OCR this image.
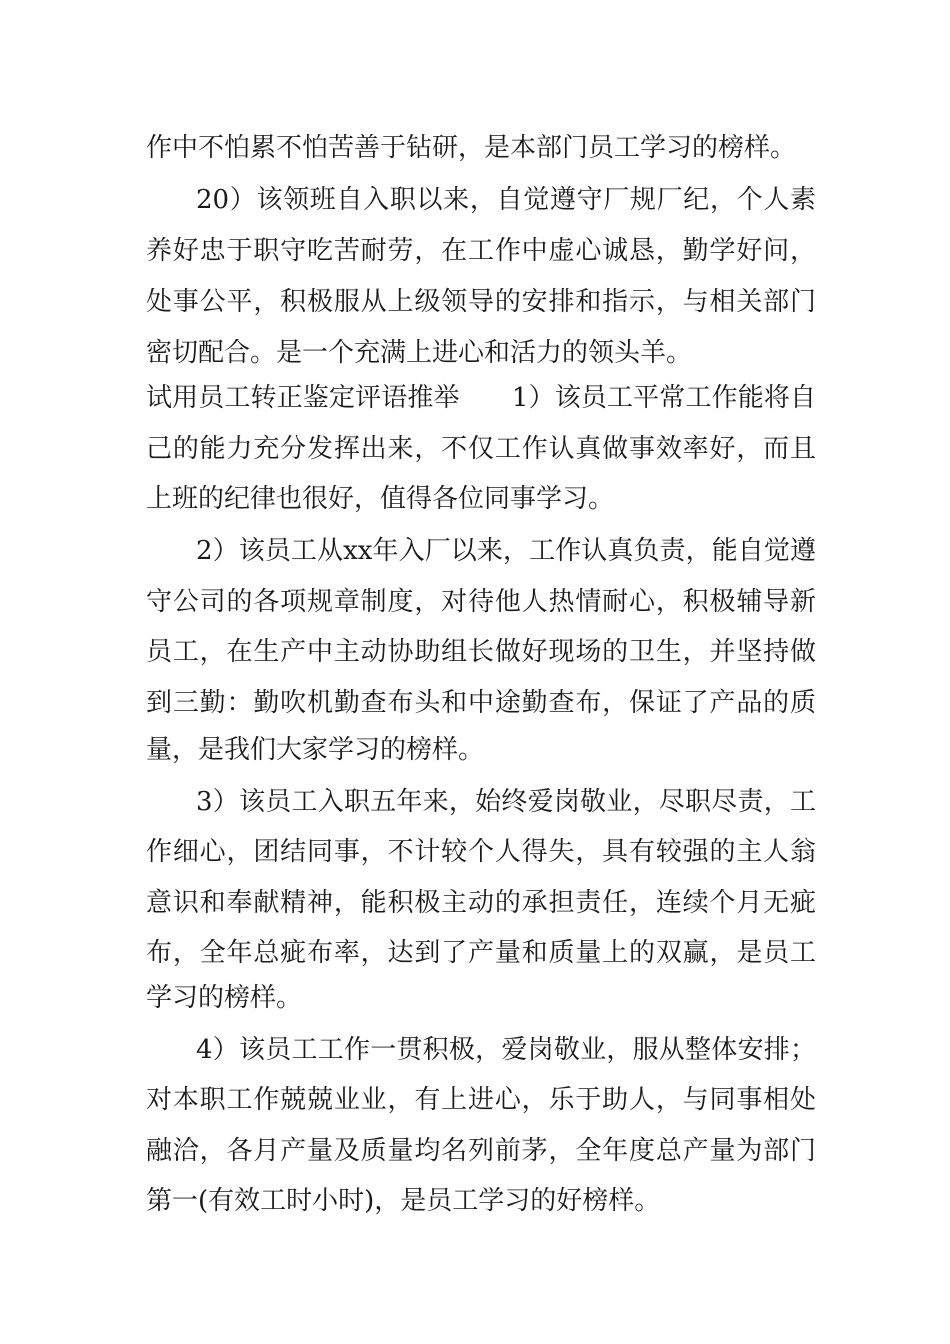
作中不怕累不怕苦善于钻研，是本部门员工学习的榜样。
20）该领班自入职以来，自觉遵守厂规厂纪，个人素
养好忠于职守吃苦耐劳，在工作中虚心诚恳，勤学好问，
处事公平，积极服从上级领导的安排和指示，与相关部门
密切配合。是一个充满上进心和活力的领头羊。
试用员工转正鉴定评语推举　　1）该员工平常工作能将自
己的能力充分发挥出来，不仅工作认真做事效率好，而且
上班的纪律也很好，值得各位同事学习。
2）该员工从xx年入厂以来，工作认真负责，能自觉遵
守公司的各项规章制度，对待他人热情耐心，积极辅导新
员工，在生产中主动协助组长做好现场的卫生，并坚持做
到三勤：勤吹机勤查布头和中途勤查布，保证了产品的质
量，是我们大家学习的榜样。
3）该员工入职五年来，始终爱岗敬业，尽职尽责，工
作细心，团结同事，不计较个人得失，具有较强的主人翁
意识和奉献精神，能积极主动的承担责任，连续个月无疵
布，全年总疵布率，达到了产量和质量上的双赢，是员工
学习的榜样。
4）该员工工作一贯积极，爱岗敬业，服从整体安排；
对本职工作兢兢业业，有上进心，乐于助人，与同事相处
融洽，各月产量及质量均名列前茅，全年度总产量为部门
第一(有效工时小时)，是员工学习的好榜样。
